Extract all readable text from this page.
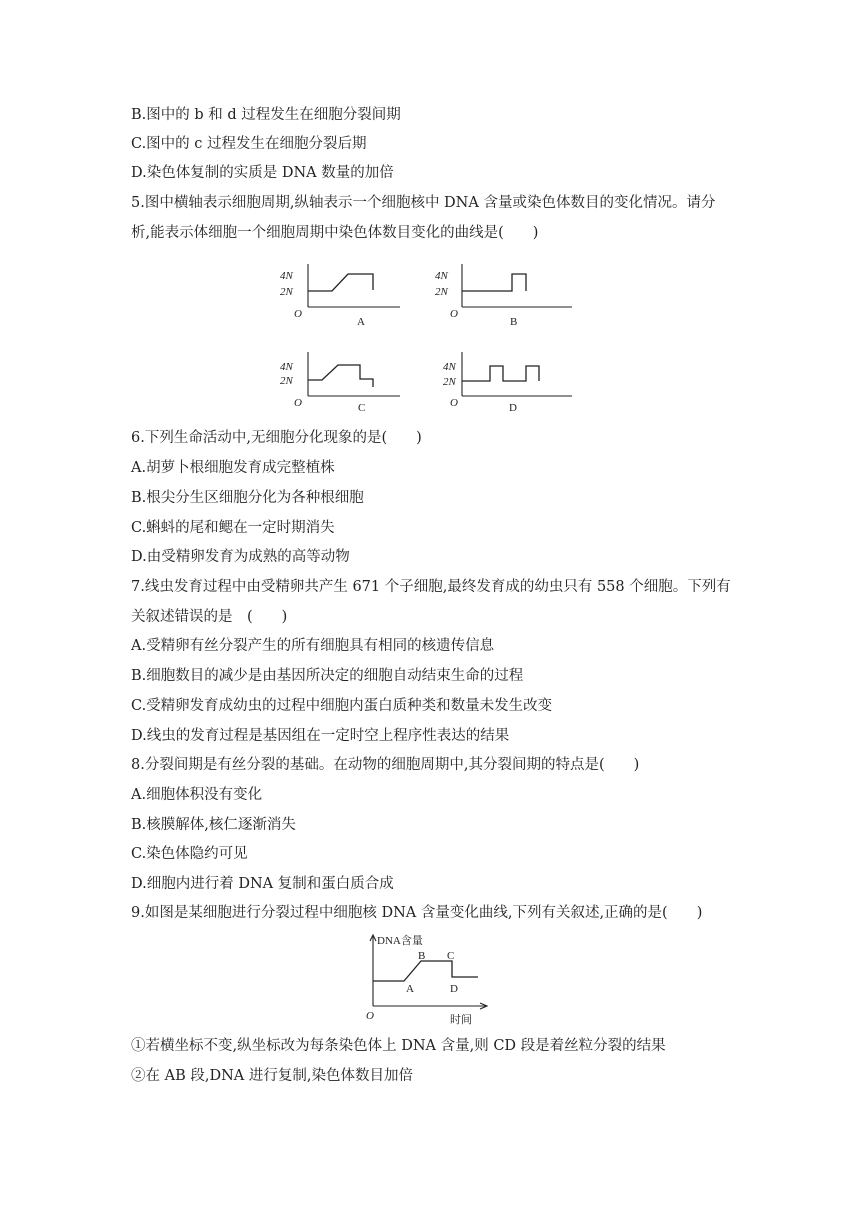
B.图中的 b 和 d 过程发生在细胞分裂间期
C.图中的 c 过程发生在细胞分裂后期
D.染色体复制的实质是 DNA 数量的加倍
5.图中横轴表示细胞周期,纵轴表示一个细胞核中 DNA 含量或染色体数目的变化情况。请分
析,能表示体细胞一个细胞周期中染色体数目变化的曲线是(　　)
4N
2N
O
A
4N
2N
O
B
4N
2N
O	C
4N
2N
O	D
6.下列生命活动中,无细胞分化现象的是(　　)
A.胡萝卜根细胞发育成完整植株
B.根尖分生区细胞分化为各种根细胞
C.蝌蚪的尾和鳃在一定时期消失
D.由受精卵发育为成熟的高等动物
7.线虫发育过程中由受精卵共产生 671 个子细胞,最终发育成的幼虫只有 558 个细胞。下列有
关叙述错误的是　(　　)
A.受精卵有丝分裂产生的所有细胞具有相同的核遗传信息
B.细胞数目的减少是由基因所决定的细胞自动结束生命的过程
C.受精卵发育成幼虫的过程中细胞内蛋白质种类和数量未发生改变
D.线虫的发育过程是基因组在一定时空上程序性表达的结果
8.分裂间期是有丝分裂的基础。在动物的细胞周期中,其分裂间期的特点是(　　)
A.细胞体积没有变化
B.核膜解体,核仁逐渐消失
C.染色体隐约可见
D.细胞内进行着 DNA 复制和蛋白质合成
9.如图是某细胞进行分裂过程中细胞核 DNA 含量变化曲线,下列有关叙述,正确的是(　　)
DNA含量
O
A
B C
D
时间
①若横坐标不变,纵坐标改为每条染色体上 DNA 含量,则 CD 段是着丝粒分裂的结果
②在 AB 段,DNA 进行复制,染色体数目加倍
